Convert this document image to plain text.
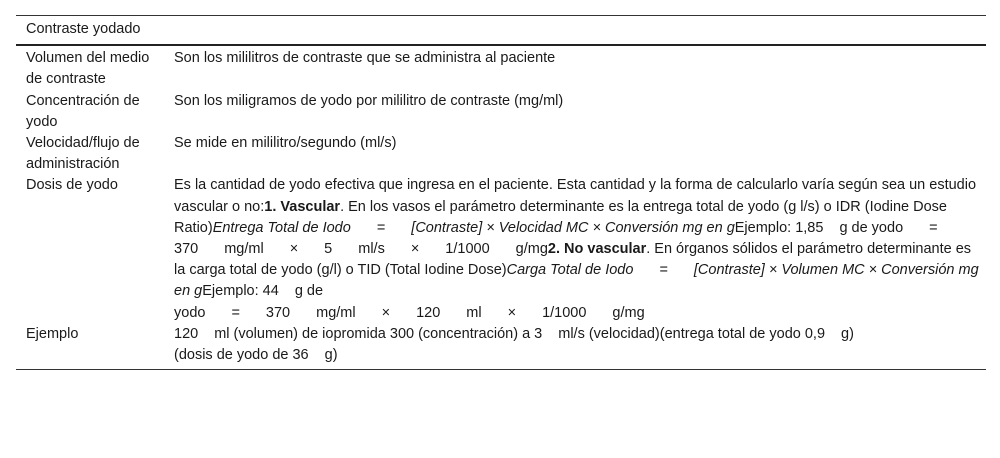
Contraste yodado	
Volumen del medio de contraste	Son los mililitros de contraste que se administra al paciente
Concentración de yodo	Son los miligramos de yodo por mililitro de contraste (mg/ml)
Velocidad/flujo de administración	Se mide en mililitro/segundo (ml/s)
Dosis de yodo	Es la cantidad de yodo efectiva que ingresa en el paciente. Esta cantidad y la forma de calcularlo varía según sea un estudio vascular o no:1. Vascular. En los vasos el parámetro determinante es la entrega total de yodo (g l/s) o IDR (Iodine Dose Ratio)Entrega Total de Iodo = [Contraste] × Velocidad MC × Conversión mg en gEjemplo: 1,85 g de yodo =370 mg/ml × 5 ml/s × 1/1000 g/mg2. No vascular. En órganos sólidos el parámetro determinante es la carga total de yodo (g/l) o TID (Total Iodine Dose)Carga Total de Iodo = [Contraste] × Volumen MC × Conversión mg en gEjemplo: 44 g de
yodo = 370 mg/ml × 120 ml × 1/1000 g/mg
Ejemplo	120 ml (volumen) de iopromida 300 (concentración) a 3 ml/s (velocidad)(entrega total de yodo 0,9 g)
(dosis de yodo de 36 g)
